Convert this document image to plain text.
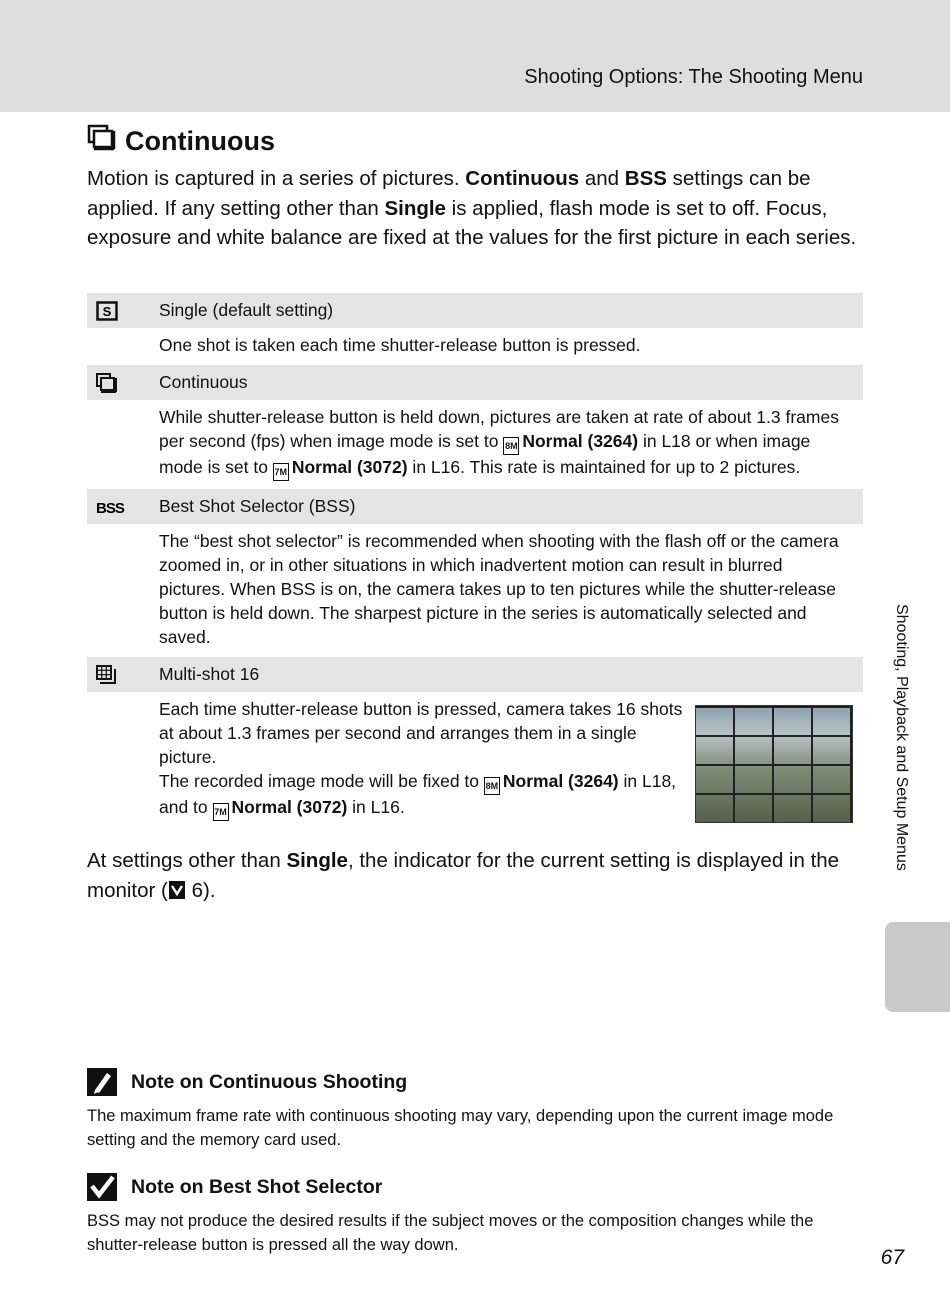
Shooting Options: The Shooting Menu
Continuous
Motion is captured in a series of pictures. Continuous and BSS settings can be applied. If any setting other than Single is applied, flash mode is set to off. Focus, exposure and white balance are fixed at the values for the first picture in each series.
S	Single (default setting)
One shot is taken each time shutter-release button is pressed.
Continuous
While shutter-release button is held down, pictures are taken at rate of about 1.3 frames per second (fps) when image mode is set to 8M Normal (3264) in L18 or when image mode is set to 7M Normal (3072) in L16. This rate is maintained for up to 2 pictures.
BSS Best Shot Selector (BSS)
The “best shot selector” is recommended when shooting with the flash off or the camera zoomed in, or in other situations in which inadvertent motion can result in blurred pictures. When BSS is on, the camera takes up to ten pictures while the shutter-release button is held down. The sharpest picture in the series is automatically selected and saved.
Multi-shot 16
Each time shutter-release button is pressed, camera takes 16 shots at about 1.3 frames per second and arranges them in a single picture.
The recorded image mode will be fixed to 8M Normal (3264) in L18, and to 7M Normal (3072) in L16.
At settings other than Single, the indicator for the current setting is displayed in the monitor ( 6).
Note on Continuous Shooting
The maximum frame rate with continuous shooting may vary, depending upon the current image mode setting and the memory card used.
Note on Best Shot Selector
BSS may not produce the desired results if the subject moves or the composition changes while the shutter-release button is pressed all the way down.
Shooting, Playback and Setup Menus
67
